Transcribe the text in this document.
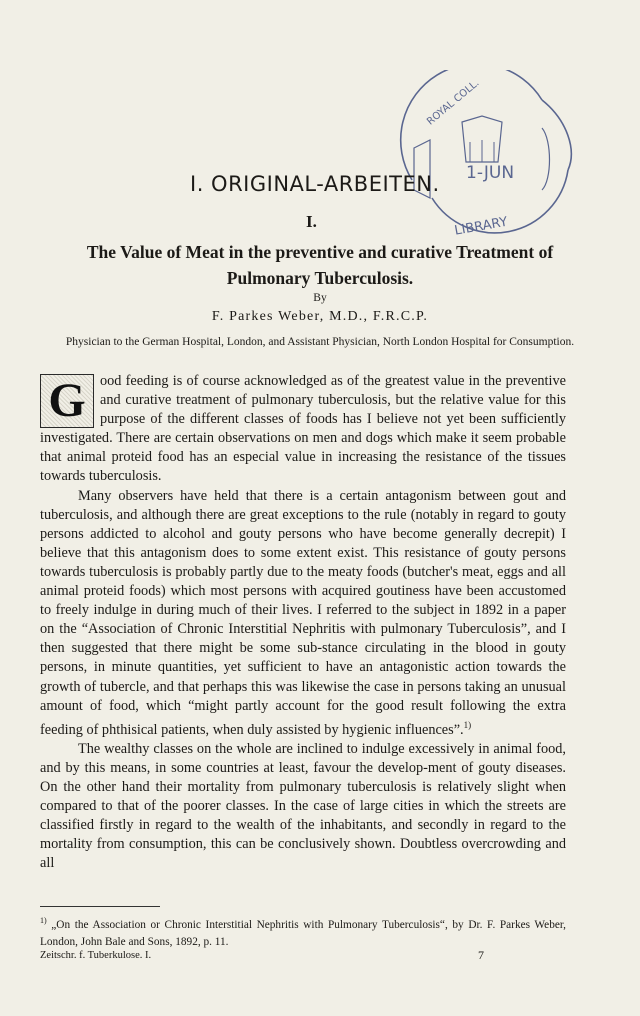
1-JUN
LIBRARY
ROYAL COLL.
I. ORIGINAL-ARBEITEN.
I.
The Value of Meat in the preventive and curative Treatment of
Pulmonary Tuberculosis.
By
F. Parkes Weber, M.D., F.R.C.P.
Physician to the German Hospital, London, and Assistant Physician, North London Hospital for Consumption.

G ood feeding is of course acknowledged as of the greatest value in the preventive and curative treatment of pulmonary tuberculosis, but the relative value for this purpose of the different classes of foods has I believe not yet been sufficiently investigated. There are certain observations on men and dogs which make it seem probable that animal proteid food has an especial value in increasing the resistance of the tissues towards tuberculosis.

Many observers have held that there is a certain antagonism between gout and tuberculosis, and although there are great exceptions to the rule (notably in regard to gouty persons addicted to alcohol and gouty persons who have become generally decrepit) I believe that this antagonism does to some extent exist. This resistance of gouty persons towards tuberculosis is probably partly due to the meaty foods (butcher's meat, eggs and all animal proteid foods) which most persons with acquired goutiness have been accustomed to freely indulge in during much of their lives. I referred to the subject in 1892 in a paper on the “Association of Chronic Interstitial Nephritis with pulmonary Tuberculosis”, and I then suggested that there might be some sub-stance circulating in the blood in gouty persons, in minute quantities, yet sufficient to have an antagonistic action towards the growth of tubercle, and that perhaps this was likewise the case in persons taking an unusual amount of food, which “might partly account for the good result following the extra feeding of phthisical patients, when duly assisted by hygienic influences”.$^{1)}$

The wealthy classes on the whole are inclined to indulge excessively in animal food, and by this means, in some countries at least, favour the develop-ment of gouty diseases. On the other hand their mortality from pulmonary tuberculosis is relatively slight when compared to that of the poorer classes. In the case of large cities in which the streets are classified firstly in regard to the wealth of the inhabitants, and secondly in regard to the mortality from consumption, this can be conclusively shown. Doubtless overcrowding and all

$^{1)}$ „On the Association or Chronic Interstitial Nephritis with Pulmonary Tuberculosis“, by Dr. F. Parkes Weber, London, John Bale and Sons, 1892, p. 11.
Zeitschr. f. Tuberkulose. I.	7
